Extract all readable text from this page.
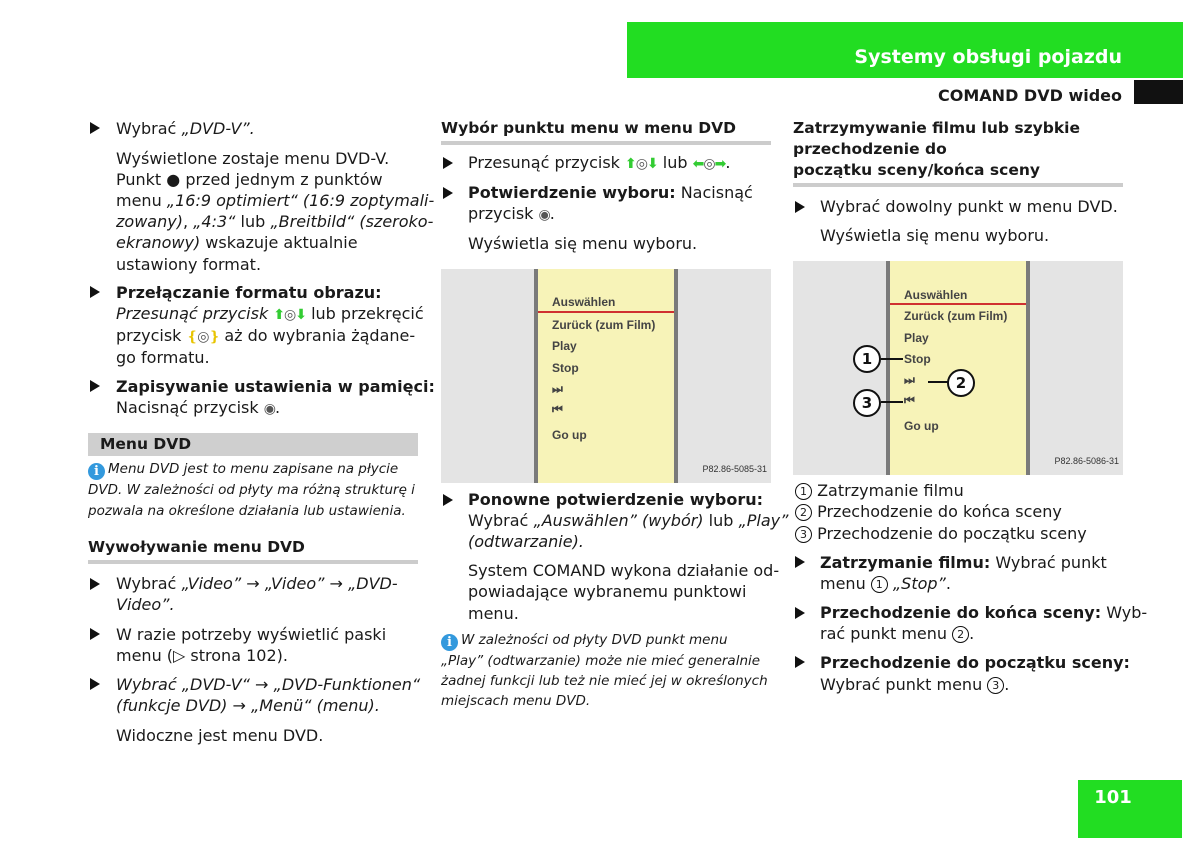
Systemy obsługi pojazdu
COMAND DVD wideo

Wybrać „DVD-V”.

Wyświetlone zostaje menu DVD-V.

Punkt ● przed jednym z punktów

menu „16:9 optimiert“ (16:9 zoptymali-

zowany), „4:3“ lub „Breitbild“ (szeroko-

ekranowy) wskazuje aktualnie

ustawiony format.

Przełączanie formatu obrazu:

Przesunąć przycisk ⬆◎⬇ lub przekręcić

przycisk ❴◎❵ aż do wybrania żądane-

go formatu.

Zapisywanie ustawienia w pamięci:

Nacisnąć przycisk ◉.

Menu DVD

i Menu DVD jest to menu zapisane na płycie

DVD. W zależności od płyty ma różną strukturę i

pozwala na określone działania lub ustawienia.

Wywoływanie menu DVD

Wybrać „Video” → „Video” → „DVD-

Video”.

W razie potrzeby wyświetlić paski

menu (▷ strona 102).

Wybrać „DVD-V“ → „DVD-Funktionen“

(funkcje DVD) → „Menü“ (menu).

Widoczne jest menu DVD.

Wybór punktu menu w menu DVD

Przesunąć przycisk ⬆◎⬇ lub ⬅◎➡.

Potwierdzenie wyboru: Nacisnąć

przycisk ◉.

Wyświetla się menu wyboru.

Auswählen
Zurück (zum Film)
Play
Stop
⏭
⏮
Go up
P82.86-5085-31

Ponowne potwierdzenie wyboru:

Wybrać „Auswählen” (wybór) lub „Play”

(odtwarzanie).

System COMAND wykona działanie od-

powiadające wybranemu punktowi

menu.

i W zależności od płyty DVD punkt menu

„Play” (odtwarzanie) może nie mieć generalnie

żadnej funkcji lub też nie mieć jej w określonych

miejscach menu DVD.

Zatrzymywanie filmu lub szybkie

przechodzenie do

początku sceny/końca sceny

Wybrać dowolny punkt w menu DVD.

Wyświetla się menu wyboru.

Auswählen
Zurück (zum Film)
Play
Stop
⏭
⏮
Go up
P82.86-5086-31
1
2
3

1 Zatrzymanie filmu

2 Przechodzenie do końca sceny

3 Przechodzenie do początku sceny

Zatrzymanie filmu: Wybrać punkt

menu 1 „Stop”.

Przechodzenie do końca sceny: Wyb-

rać punkt menu 2 .

Przechodzenie do początku sceny:

Wybrać punkt menu 3 .

101
